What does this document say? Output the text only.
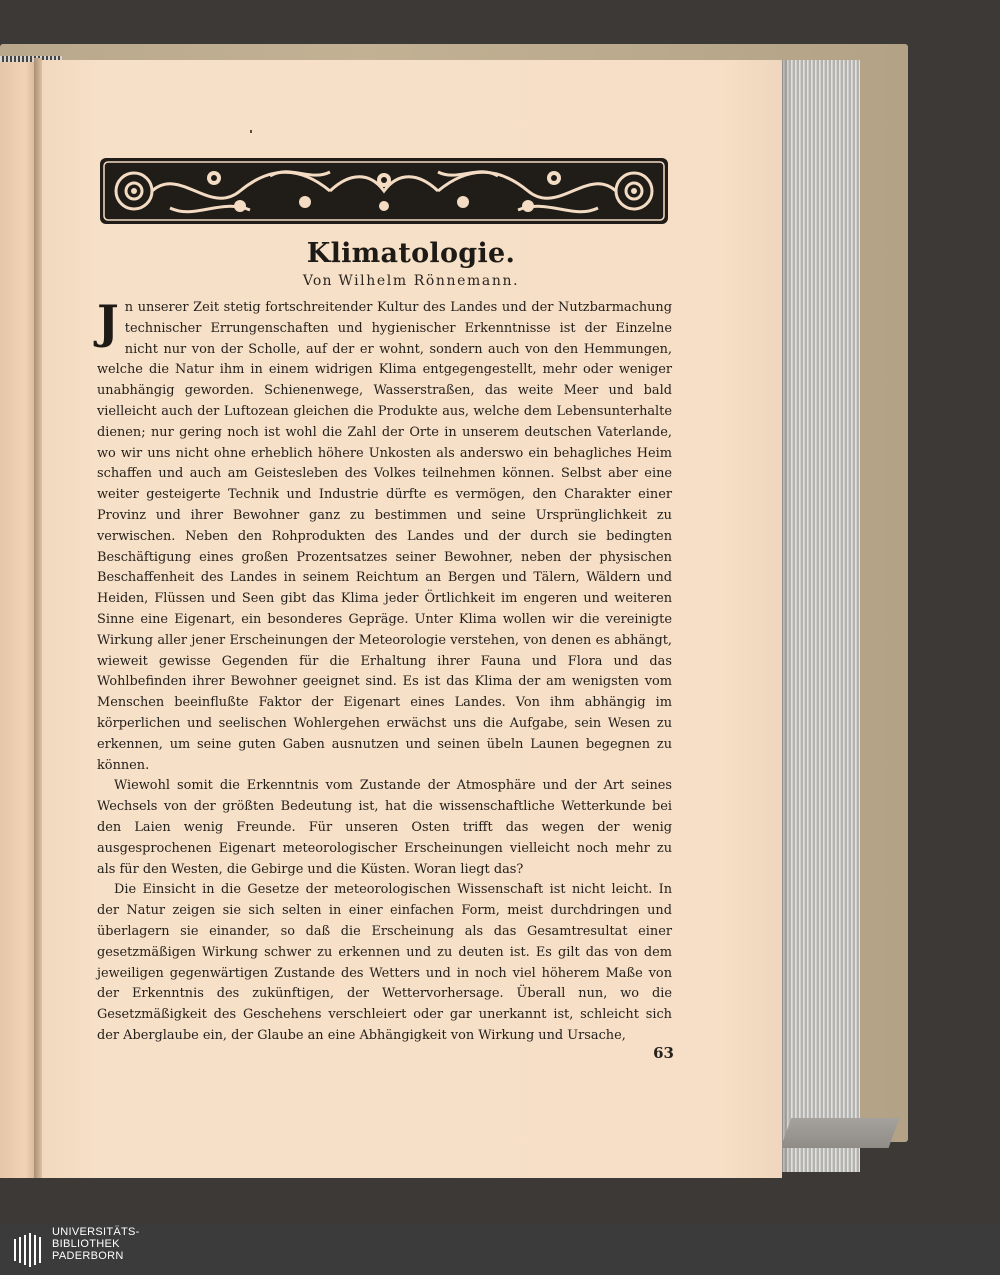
Klimatologie.

Von Wilhelm Rönnemann.

Jn unserer Zeit stetig fortschreitender Kultur des Landes und der Nutzbarmachung technischer Errungenschaften und hygienischer Erkenntnisse ist der Einzelne nicht nur von der Scholle, auf der er wohnt, sondern auch von den Hemmungen, welche die Natur ihm in einem widrigen Klima entgegengestellt, mehr oder weniger unabhängig geworden. Schienenwege, Wasserstraßen, das weite Meer und bald vielleicht auch der Luftozean gleichen die Produkte aus, welche dem Lebensunterhalte dienen; nur gering noch ist wohl die Zahl der Orte in unserem deutschen Vaterlande, wo wir uns nicht ohne erheblich höhere Unkosten als anderswo ein behagliches Heim schaffen und auch am Geistesleben des Volkes teilnehmen können. Selbst aber eine weiter gesteigerte Technik und Industrie dürfte es vermögen, den Charakter einer Provinz und ihrer Bewohner ganz zu bestimmen und seine Ursprünglichkeit zu verwischen. Neben den Rohprodukten des Landes und der durch sie bedingten Beschäftigung eines großen Prozentsatzes seiner Bewohner, neben der physischen Beschaffenheit des Landes in seinem Reichtum an Bergen und Tälern, Wäldern und Heiden, Flüssen und Seen gibt das Klima jeder Örtlichkeit im engeren und weiteren Sinne eine Eigenart, ein besonderes Gepräge. Unter Klima wollen wir die vereinigte Wirkung aller jener Erscheinungen der Meteorologie verstehen, von denen es abhängt, wieweit gewisse Gegenden für die Erhaltung ihrer Fauna und Flora und das Wohlbefinden ihrer Bewohner geeignet sind. Es ist das Klima der am wenigsten vom Menschen beeinflußte Faktor der Eigenart eines Landes. Von ihm abhängig im körperlichen und seelischen Wohlergehen erwächst uns die Aufgabe, sein Wesen zu erkennen, um seine guten Gaben ausnutzen und seinen übeln Launen begegnen zu können.

Wiewohl somit die Erkenntnis vom Zustande der Atmosphäre und der Art seines Wechsels von der größten Bedeutung ist, hat die wissenschaftliche Wetterkunde bei den Laien wenig Freunde. Für unseren Osten trifft das wegen der wenig ausgesprochenen Eigenart meteorologischer Erscheinungen vielleicht noch mehr zu als für den Westen, die Gebirge und die Küsten. Woran liegt das?

Die Einsicht in die Gesetze der meteorologischen Wissenschaft ist nicht leicht. In der Natur zeigen sie sich selten in einer einfachen Form, meist durchdringen und überlagern sie einander, so daß die Erscheinung als das Gesamtresultat einer gesetzmäßigen Wirkung schwer zu erkennen und zu deuten ist. Es gilt das von dem jeweiligen gegenwärtigen Zustande des Wetters und in noch viel höherem Maße von der Erkenntnis des zukünftigen, der Wettervorhersage. Überall nun, wo die Gesetzmäßigkeit des Geschehens verschleiert oder gar unerkannt ist, schleicht sich der Aberglaube ein, der Glaube an eine Abhängigkeit von Wirkung und Ursache,

63
UNIVERSITÄTS-
BIBLIOTHEK
PADERBORN
